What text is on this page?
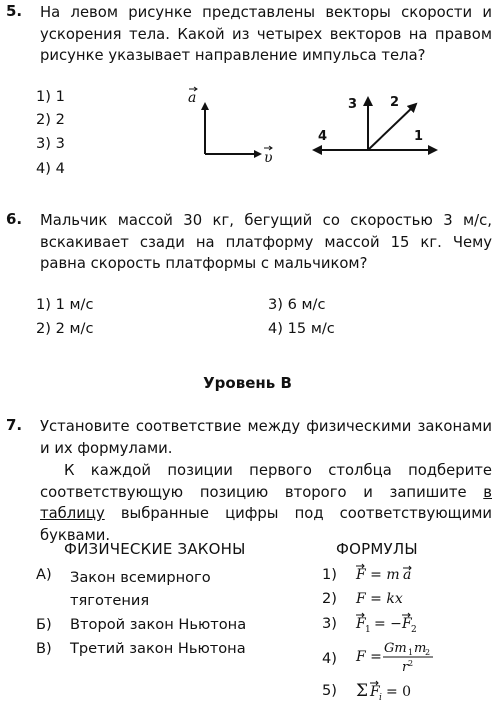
5. На левом рисунке представлены векторы скорости и ускорения тела. Какой из четырех векторов на правом рисунке указывает направление импульса тела?
1) 1
2) 2
3) 3
4) 4
a
υ
3	2
4	1
6. Мальчик массой 30 кг, бегущий со скоростью 3 м/с, вскакивает сзади на платформу массой 15 кг. Чему равна скорость платформы с мальчиком?
1) 1 м/с
2) 2 м/с
3) 6 м/с
4) 15 м/с
Уровень В
7. Установите соответствие между физическими законами и их формулами.
К каждой позиции первого столбца подберите соответствующую позицию второго и запишите в таблицу выбранные цифры под соответствующими буквами.
ФИЗИЧЕСКИЕ ЗАКОНЫ	ФОРМУЛЫ
А) Закон всемирного тяготения
Б) Второй закон Ньютона
В) Третий закон Ньютона
1) F = m a
2) F = kx
3) F 1 = − F 2
4) F =
Gm 1 m
2
r 2
5) Σ F i = 0
